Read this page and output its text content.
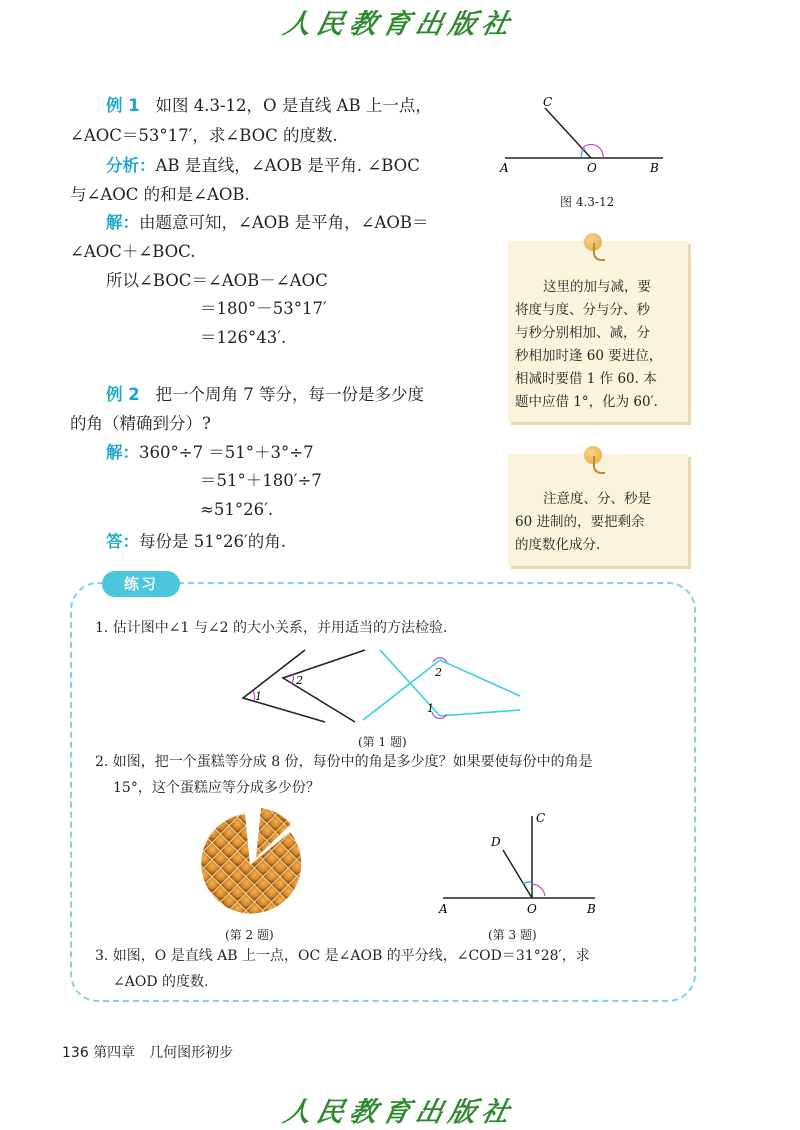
人民教育出版社
例 1 如图 4.3-12，O 是直线 AB 上一点，
∠AOC＝53°17′，求∠BOC 的度数.
分析：AB 是直线，∠AOB 是平角. ∠BOC
与∠AOC 的和是∠AOB.
解：由题意可知，∠AOB 是平角，∠AOB＝
∠AOC＋∠BOC.
所以∠BOC＝∠AOB－∠AOC
＝180°－53°17′
＝126°43′.
C
A	O	B
图 4.3-12
这里的加与减，要
将度与度、分与分、秒
与秒分别相加、减，分
秒相加时逢 60 要进位，
相减时要借 1 作 60. 本
题中应借 1°，化为 60′.
例 2 把一个周角 7 等分，每一份是多少度
的角（精确到分）?
解：360°÷7 ＝51°＋3°÷7
＝51°＋180′÷7
≈51°26′.
答：每份是 51°26′的角.
注意度、分、秒是
60 进制的，要把剩余
的度数化成分.
练习
1. 估计图中∠1 与∠2 的大小关系，并用适当的方法检验.
1
2
2
1
(第 1 题)
2. 如图，把一个蛋糕等分成 8 份，每份中的角是多少度？如果要使每份中的角是
15°，这个蛋糕应等分成多少份？
(第 2 题)
C
D
A	O	B
(第 3 题)
3. 如图，O 是直线 AB 上一点，OC 是∠AOB 的平分线，∠COD＝31°28′，求
∠AOD 的度数.
136 第四章　几何图形初步
人民教育出版社
